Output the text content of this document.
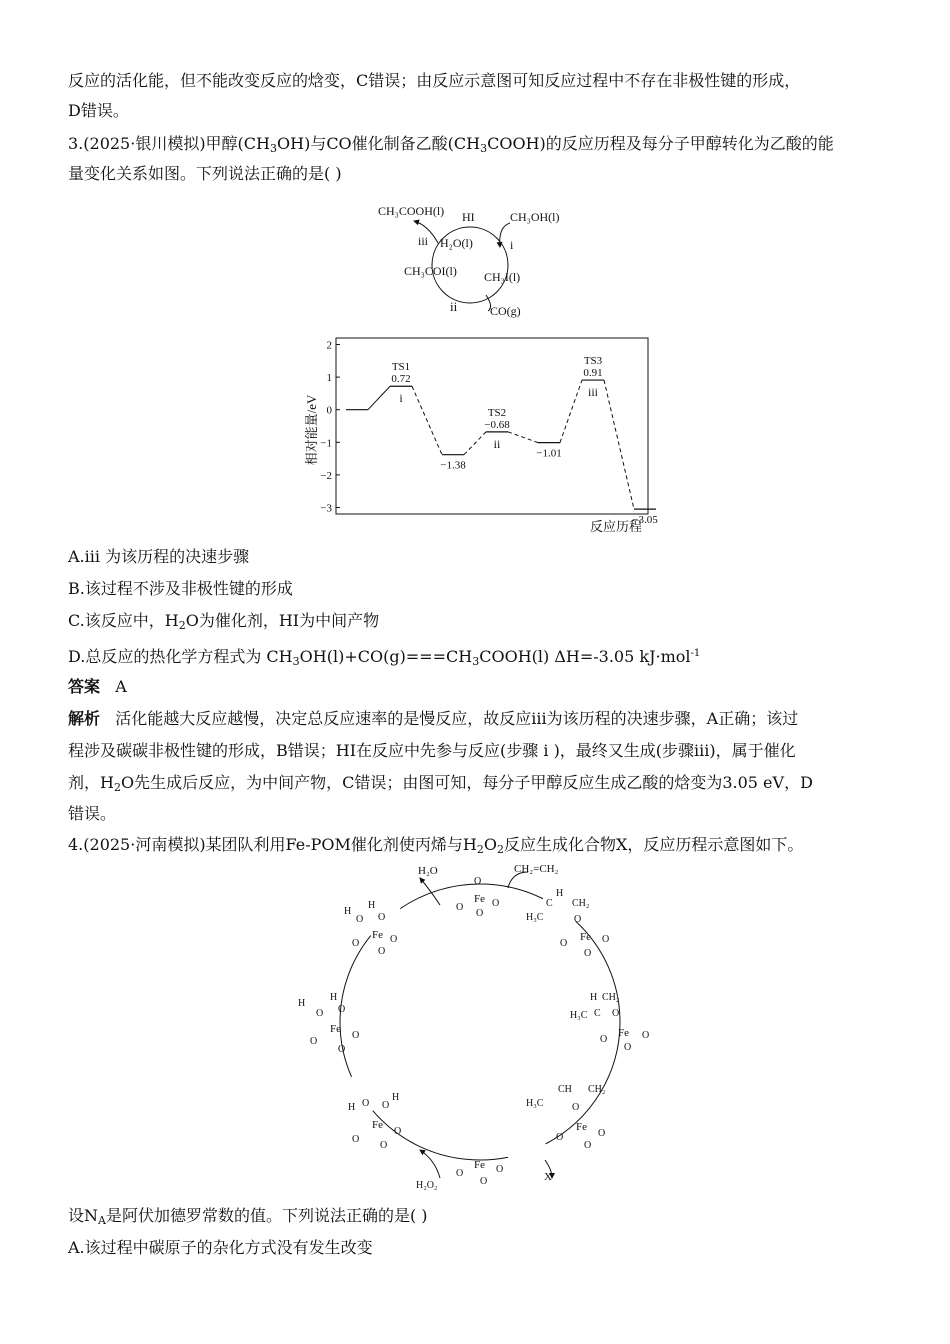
反应的活化能，但不能改变反应的焓变，C错误；由反应示意图可知反应过程中不存在非极性键的形成，
D错误。
3.(2025·银川模拟)甲醇$(CH_3OH)$与CO催化制备乙酸$(CH_3COOH)$的反应历程及每分子甲醇转化为乙酸的能
量变化关系如图。下列说法正确的是( )
CH₃COOH(l) HI	CH₃OH(l)
iii H₂O(l)	i
CH₃COI(l) CH₃I(l)
ii	CO(g)
相对能量/eV
反应历程
2
1
0
−1
−2
−3
0.72
TS1
i
−1.38
−0.68
TS2
ii
−1.01
0.91
TS3
iii
−3.05
A.iii 为该历程的决速步骤
B.该过程不涉及非极性键的形成
C.该反应中，$H_2O$为催化剂，HI为中间产物
D.总反应的热化学方程式为 $CH_3OH(l)+CO(g)===CH_3COOH(l)$ ΔH=-3.05 kJ·mol$^{-1}$
答案 A
解析 活化能越大反应越慢，决定总反应速率的是慢反应，故反应iii为该历程的决速步骤，A正确；该过
程涉及碳碳非极性键的形成，B错误；HI在反应中先参与反应(步骤 i )，最终又生成(步骤iii)，属于催化
剂，$H_2O$先生成后反应，为中间产物，C错误；由图可知，每分子甲醇反应生成乙酸的焓变为3.05 eV，D
错误。
4.(2025·河南模拟)某团队利用Fe-POM催化剂使丙烯与$H_2O_2$反应生成化合物X，反应历程示意图如下。
H₂O	CH₂=CH₂
O
Fe
O
O
O
H
H
O O
Fe
O	O
O
H
H
O O
Fe
O
O
O
H
H
O O
Fe
O
O
O
H₂O₂
O
Fe O
O	X
H
C CH₂
H₃C	O
Fe
O	O
O
H CH₂
H₃C C O
Fe
O	O
O
CH CH₂
H₃C	O
Fe
O	O
O
设$N_A$是阿伏加德罗常数的值。下列说法正确的是( )
A.该过程中碳原子的杂化方式没有发生改变
